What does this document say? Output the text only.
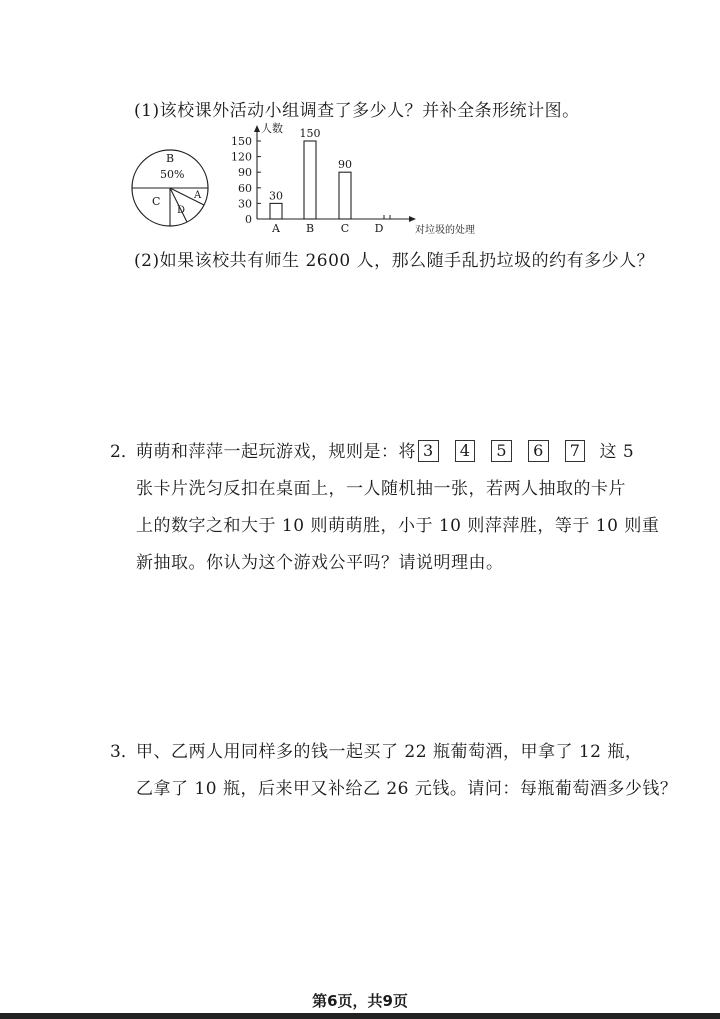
(1)该校课外活动小组调查了多少人？并补全条形统计图。
B
50%
C
D
A
人数
对垃圾的处理
0
30
60
90
120
150
30
A
150
B
90
C D
(2)如果该校共有师生 2600 人，那么随手乱扔垃圾的约有多少人？
2．
萌萌和萍萍一起玩游戏，规则是：将 3 4 5 6 7 这 5
张卡片洗匀反扣在桌面上，一人随机抽一张，若两人抽取的卡片
上的数字之和大于 10 则萌萌胜，小于 10 则萍萍胜，等于 10 则重
新抽取。你认为这个游戏公平吗？请说明理由。
3．
甲、乙两人用同样多的钱一起买了 22 瓶葡萄酒，甲拿了 12 瓶，
乙拿了 10 瓶，后来甲又补给乙 26 元钱。请问：每瓶葡萄酒多少钱？
第6页，共9页
